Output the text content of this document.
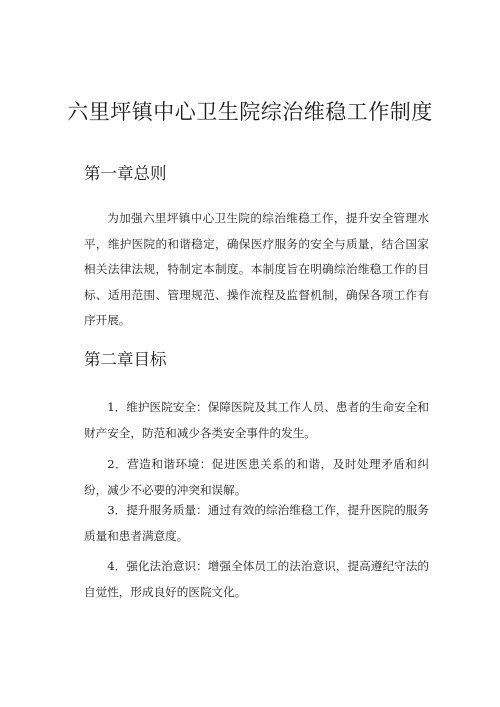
六里坪镇中心卫生院综治维稳工作制度
第一章总则
为加强六里坪镇中心卫生院的综治维稳工作，提升安全管理水平，维护医院的和谐稳定，确保医疗服务的安全与质量，结合国家相关法律法规，特制定本制度。本制度旨在明确综治维稳工作的目标、适用范围、管理规范、操作流程及监督机制，确保各项工作有序开展。
第二章目标
1．维护医院安全：保障医院及其工作人员、患者的生命安全和财产安全，防范和减少各类安全事件的发生。
2．营造和谐环境：促进医患关系的和谐，及时处理矛盾和纠纷，减少不必要的冲突和误解。
3．提升服务质量：通过有效的综治维稳工作，提升医院的服务质量和患者满意度。
4．强化法治意识：增强全体员工的法治意识，提高遵纪守法的自觉性，形成良好的医院文化。
